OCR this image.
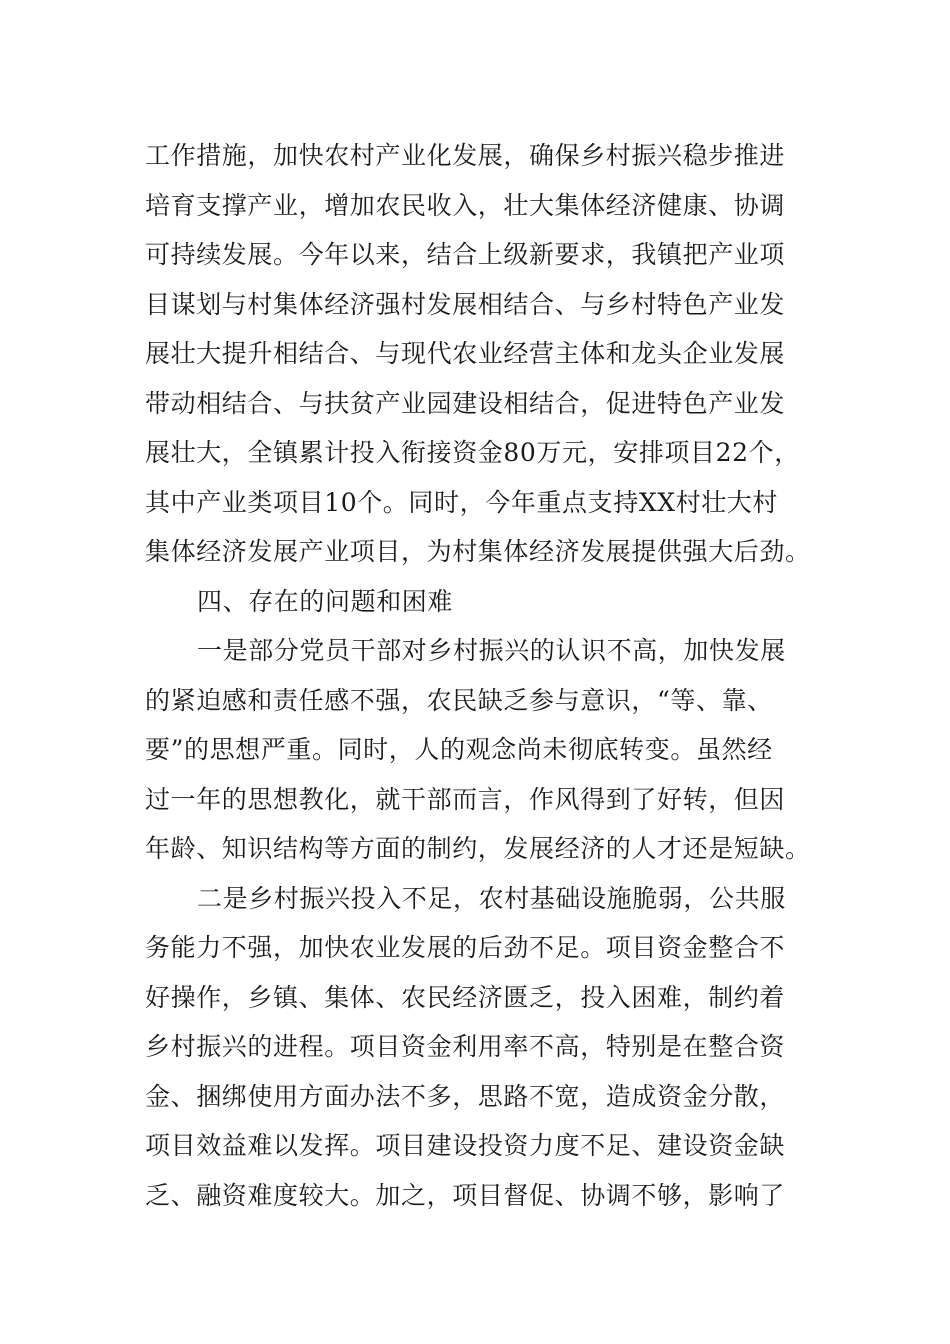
工作措施，加快农村产业化发展，确保乡村振兴稳步推进
培育支撑产业，增加农民收入，壮大集体经济健康、协调
可持续发展。今年以来，结合上级新要求，我镇把产业项
目谋划与村集体经济强村发展相结合、与乡村特色产业发
展壮大提升相结合、与现代农业经营主体和龙头企业发展
带动相结合、与扶贫产业园建设相结合，促进特色产业发
展壮大，全镇累计投入衔接资金80万元，安排项目22个，
其中产业类项目10个。同时，今年重点支持XX村壮大村
集体经济发展产业项目，为村集体经济发展提供强大后劲。
四、存在的问题和困难
一是部分党员干部对乡村振兴的认识不高，加快发展
的紧迫感和责任感不强，农民缺乏参与意识，“等、靠、
要”的思想严重。同时，人的观念尚未彻底转变。虽然经
过一年的思想教化，就干部而言，作风得到了好转，但因
年龄、知识结构等方面的制约，发展经济的人才还是短缺。
二是乡村振兴投入不足，农村基础设施脆弱，公共服
务能力不强，加快农业发展的后劲不足。项目资金整合不
好操作，乡镇、集体、农民经济匮乏，投入困难，制约着
乡村振兴的进程。项目资金利用率不高，特别是在整合资
金、捆绑使用方面办法不多，思路不宽，造成资金分散，
项目效益难以发挥。项目建设投资力度不足、建设资金缺
乏、融资难度较大。加之，项目督促、协调不够，影响了
